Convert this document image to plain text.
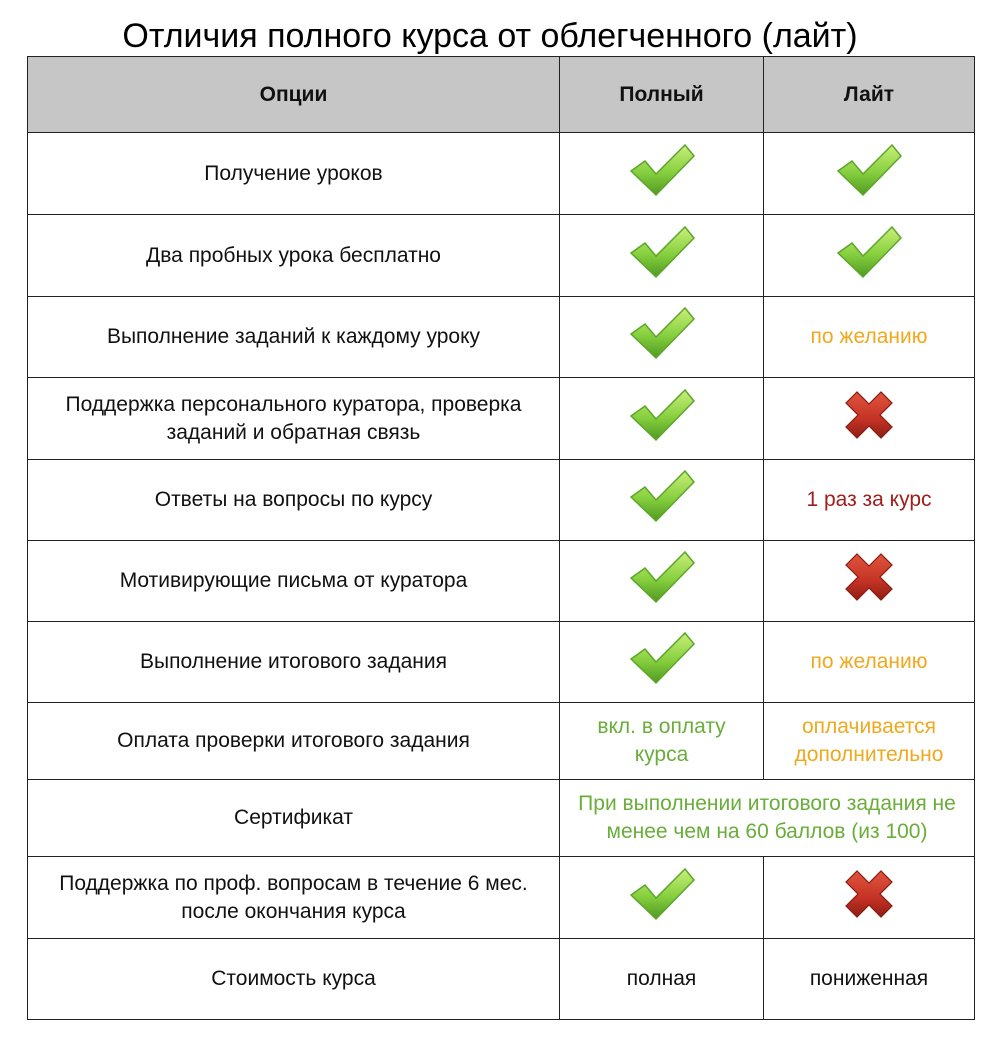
Отличия полного курса от облегченного (лайт)
Опции	Полный	Лайт
Получение уроков		
Два пробных урока бесплатно		
Выполнение заданий к каждому уроку		по желанию
Поддержка персонального куратора, проверка заданий и обратная связь		
Ответы на вопросы по курсу		1 раз за курс
Мотивирующие письма от куратора		
Выполнение итогового задания		по желанию
Оплата проверки итогового задания	вкл. в оплату курса	оплачивается дополнительно
Сертификат	При выполнении итогового задания не менее чем на 60 баллов (из 100)	
Поддержка по проф. вопросам в течение 6 мес. после окончания курса		
Стоимость курса	полная	пониженная
